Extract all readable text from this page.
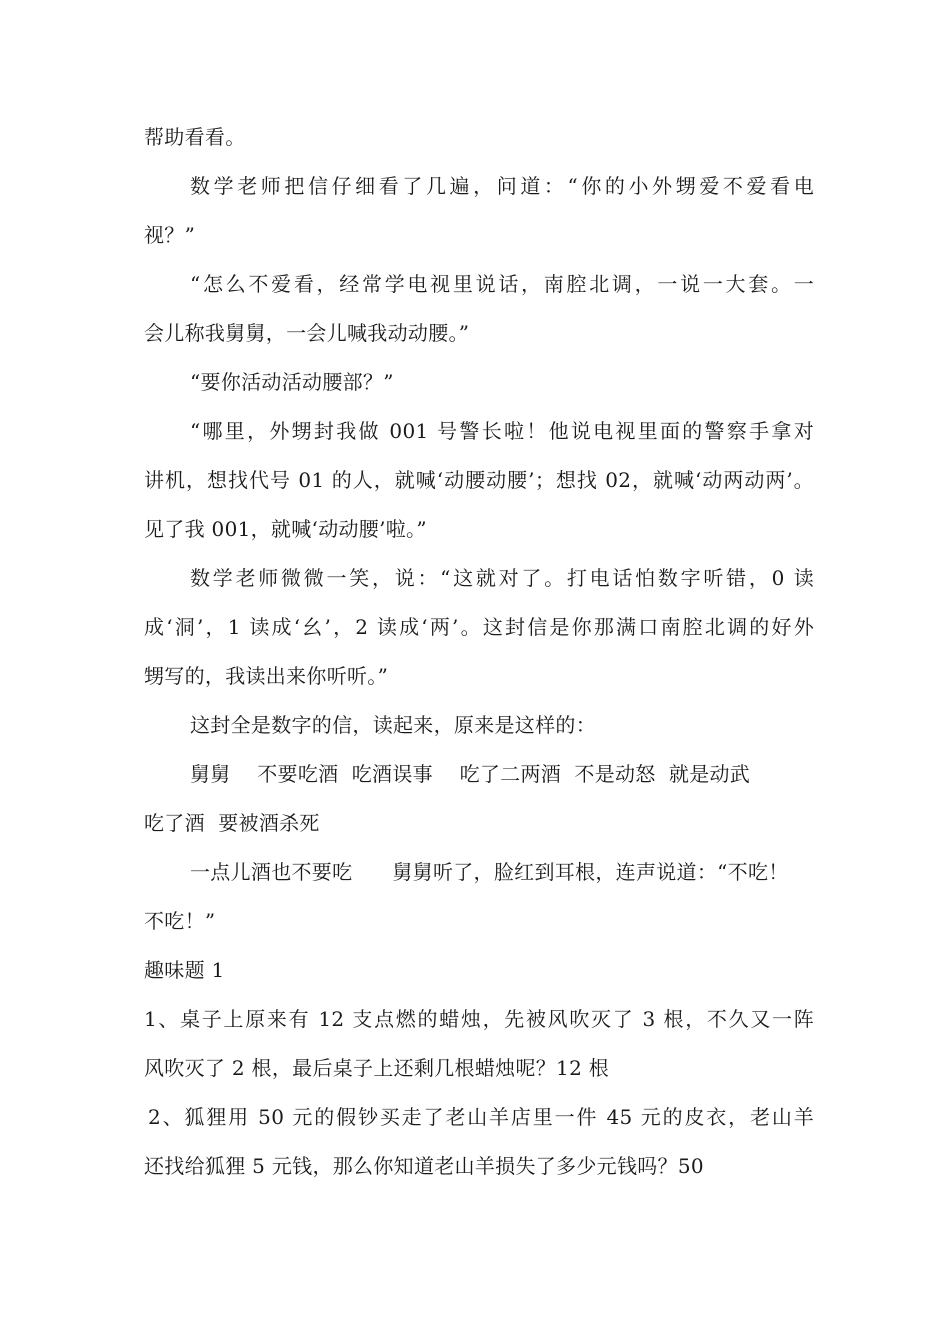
帮助看看。
数学老师把信仔细看了几遍，问道：“你的小外甥爱不爱看电
视？”
“怎么不爱看，经常学电视里说话，南腔北调，一说一大套。一
会儿称我舅舅，一会儿喊我动动腰。”
“要你活动活动腰部？”
“哪里，外甥封我做 001 号警长啦！他说电视里面的警察手拿对
讲机，想找代号 01 的人，就喊‘动腰动腰’；想找 02，就喊‘动两动两’。
见了我 001，就喊‘动动腰’啦。”
数学老师微微一笑，说：“这就对了。打电话怕数字听错，0 读
成‘洞’，1 读成‘幺’，2 读成‘两’。这封信是你那满口南腔北调的好外
甥写的，我读出来你听听。”
这封全是数字的信，读起来，原来是这样的：
舅舅    不要吃酒  吃酒误事    吃了二两酒  不是动怒  就是动武
吃了酒  要被酒杀死
一点儿酒也不要吃      舅舅听了，脸红到耳根，连声说道：“不吃！
不吃！”
趣味题 1
1、桌子上原来有 12 支点燃的蜡烛，先被风吹灭了 3 根，不久又一阵
风吹灭了 2 根，最后桌子上还剩几根蜡烛呢？12 根
2、狐狸用 50 元的假钞买走了老山羊店里一件 45 元的皮衣，老山羊
还找给狐狸 5 元钱，那么你知道老山羊损失了多少元钱吗？50
